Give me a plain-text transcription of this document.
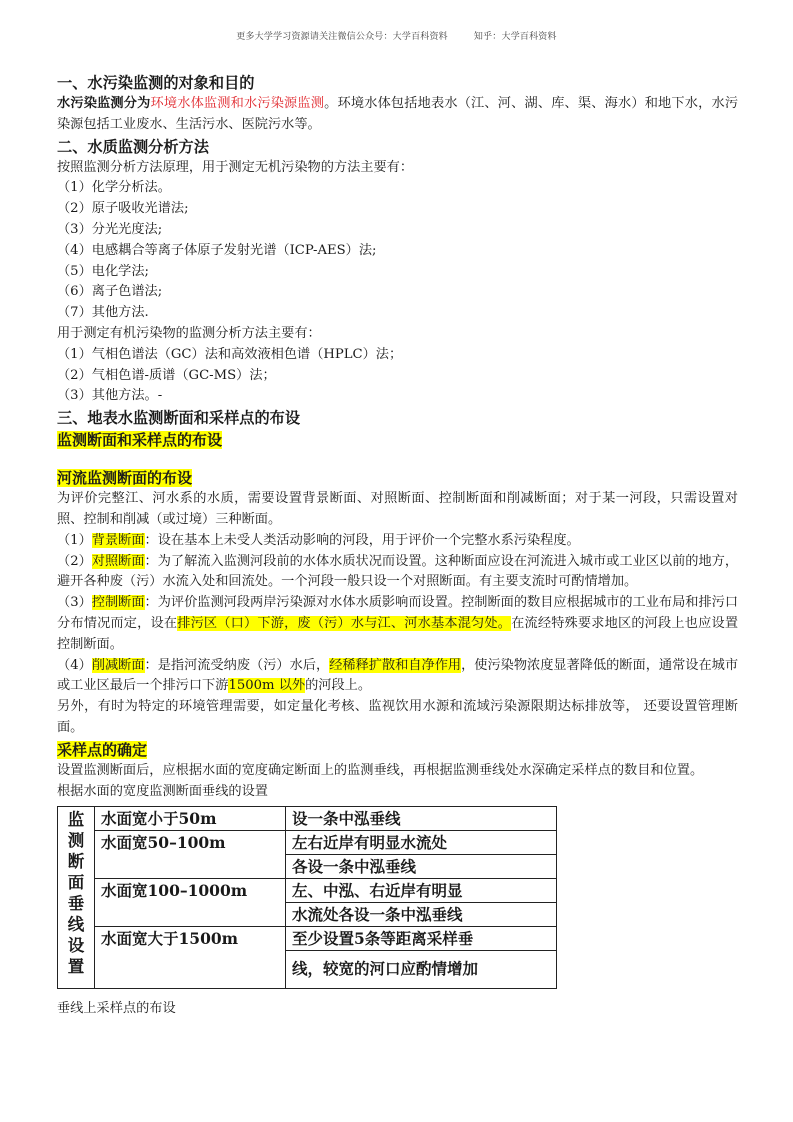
更多大学学习资源请关注微信公众号：大学百科资料	知乎：大学百科资料

一、水污染监测的对象和目的

水污染监测分为环境水体监测和水污染源监测。环境水体包括地表水（江、河、湖、库、渠、海水）和地下水，水污染源包括工业废水、生活污水、医院污水等。

二、水质监测分析方法

按照监测分析方法原理，用于测定无机污染物的方法主要有：

（1）化学分析法。

（2）原子吸收光谱法;

（3）分光光度法;

（4）电感耦合等离子体原子发射光谱（ICP-AES）法;

（5）电化学法;

（6）离子色谱法;

（7）其他方法.

用于测定有机污染物的监测分析方法主要有：

（1）气相色谱法（GC）法和高效液相色谱（HPLC）法；

（2）气相色谱-质谱（GC-MS）法；

（3）其他方法。-

三、地表水监测断面和采样点的布设

监测断面和采样点的布设

河流监测断面的布设

为评价完整江、河水系的水质，需要设置背景断面、对照断面、控制断面和削减断面；对于某一河段，只需设置对照、控制和削减（或过境）三种断面。

（1）背景断面：设在基本上未受人类活动影响的河段，用于评价一个完整水系污染程度。

（2）对照断面：为了解流入监测河段前的水体水质状况而设置。这种断面应设在河流进入城市或工业区以前的地方，避开各种废（污）水流入处和回流处。一个河段一般只设一个对照断面。有主要支流时可酌情增加。

（3）控制断面：为评价监测河段两岸污染源对水体水质影响而设置。控制断面的数目应根据城市的工业布局和排污口分布情况而定，设在排污区（口）下游，废（污）水与江、河水基本混匀处。在流经特殊要求地区的河段上也应设置控制断面。

（4）削减断面：是指河流受纳废（污）水后，经稀释扩散和自净作用，使污染物浓度显著降低的断面，通常设在城市或工业区最后一个排污口下游1500m 以外的河段上。

另外，有时为特定的环境管理需要，如定量化考核、监视饮用水源和流域污染源限期达标排放等， 还要设置管理断面。

采样点的确定

设置监测断面后，应根据水面的宽度确定断面上的监测垂线，再根据监测垂线处水深确定采样点的数目和位置。

根据水面的宽度监测断面垂线的设置

监测断面垂线设置	水面宽小于50m	设一条中泓垂线
	水面宽50–100m	左右近岸有明显水流处
		各设一条中泓垂线
	水面宽100–1000m	左、中泓、右近岸有明显
		水流处各设一条中泓垂线
	水面宽大于1500m	至少设置5条等距离采样垂
		线，较宽的河口应酌情增加

垂线上采样点的布设
